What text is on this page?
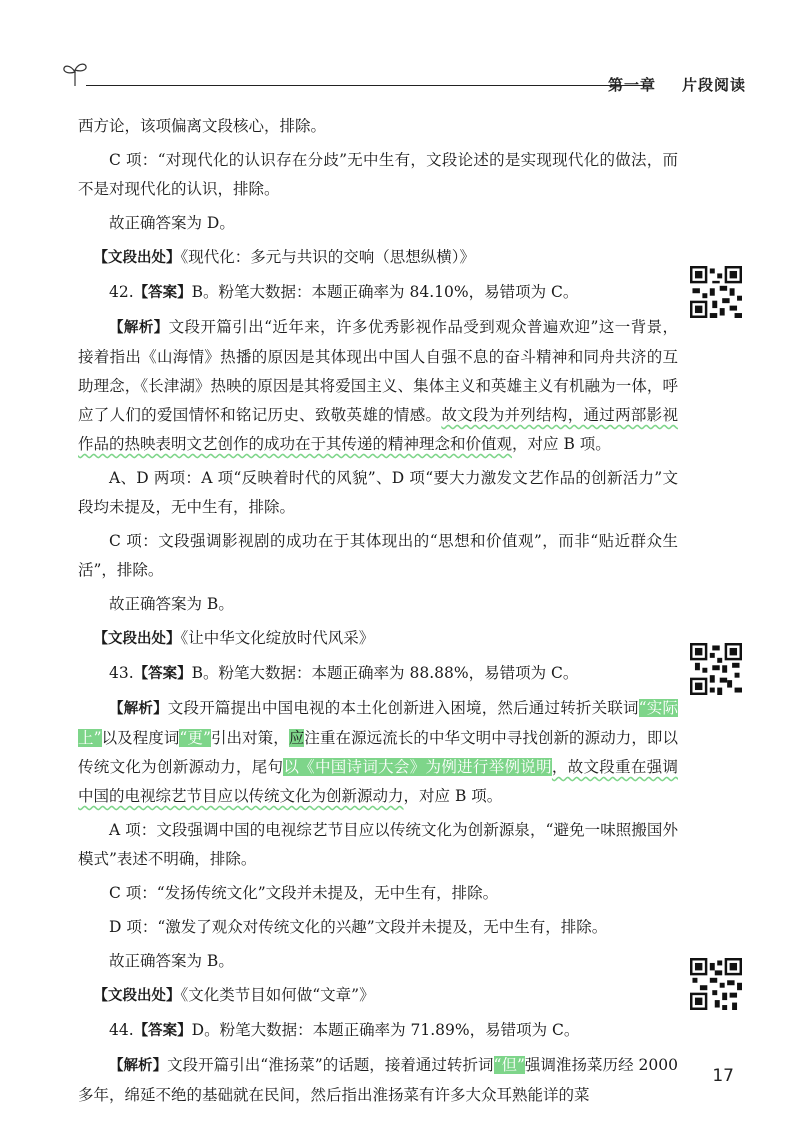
第一章 片段阅读

西方论，该项偏离文段核心，排除。

C 项：“对现代化的认识存在分歧”无中生有，文段论述的是实现现代化的做法，而不是对现代化的认识，排除。

故正确答案为 D。

【文段出处】《现代化：多元与共识的交响（思想纵横）》

42.【答案】B。粉笔大数据：本题正确率为 84.10%，易错项为 C。

【解析】文段开篇引出“近年来，许多优秀影视作品受到观众普遍欢迎”这一背景，接着指出《山海情》热播的原因是其体现出中国人自强不息的奋斗精神和同舟共济的互助理念，《长津湖》热映的原因是其将爱国主义、集体主义和英雄主义有机融为一体，呼应了人们的爱国情怀和铭记历史、致敬英雄的情感。故文段为并列结构，通过两部影视作品的热映表明文艺创作的成功在于其传递的精神理念和价值观，对应 B 项。

A、D 两项：A 项“反映着时代的风貌”、D 项“要大力激发文艺作品的创新活力”文段均未提及，无中生有，排除。

C 项：文段强调影视剧的成功在于其体现出的“思想和价值观”，而非“贴近群众生活”，排除。

故正确答案为 B。

【文段出处】《让中华文化绽放时代风采》

43.【答案】B。粉笔大数据：本题正确率为 88.88%，易错项为 C。

【解析】文段开篇提出中国电视的本土化创新进入困境，然后通过转折关联词“实际上”以及程度词“更”引出对策，应注重在源远流长的中华文明中寻找创新的源动力，即以传统文化为创新源动力，尾句以《中国诗词大会》为例进行举例说明，故文段重在强调中国的电视综艺节目应以传统文化为创新源动力，对应 B 项。

A 项：文段强调中国的电视综艺节目应以传统文化为创新源泉，“避免一味照搬国外模式”表述不明确，排除。

C 项：“发扬传统文化”文段并未提及，无中生有，排除。

D 项：“激发了观众对传统文化的兴趣”文段并未提及，无中生有，排除。

故正确答案为 B。

【文段出处】《文化类节目如何做“文章”》

44.【答案】D。粉笔大数据：本题正确率为 71.89%，易错项为 C。

【解析】文段开篇引出“淮扬菜”的话题，接着通过转折词“但”强调淮扬菜历经 2000 多年，绵延不绝的基础就在民间，然后指出淮扬菜有许多大众耳熟能详的菜

17
